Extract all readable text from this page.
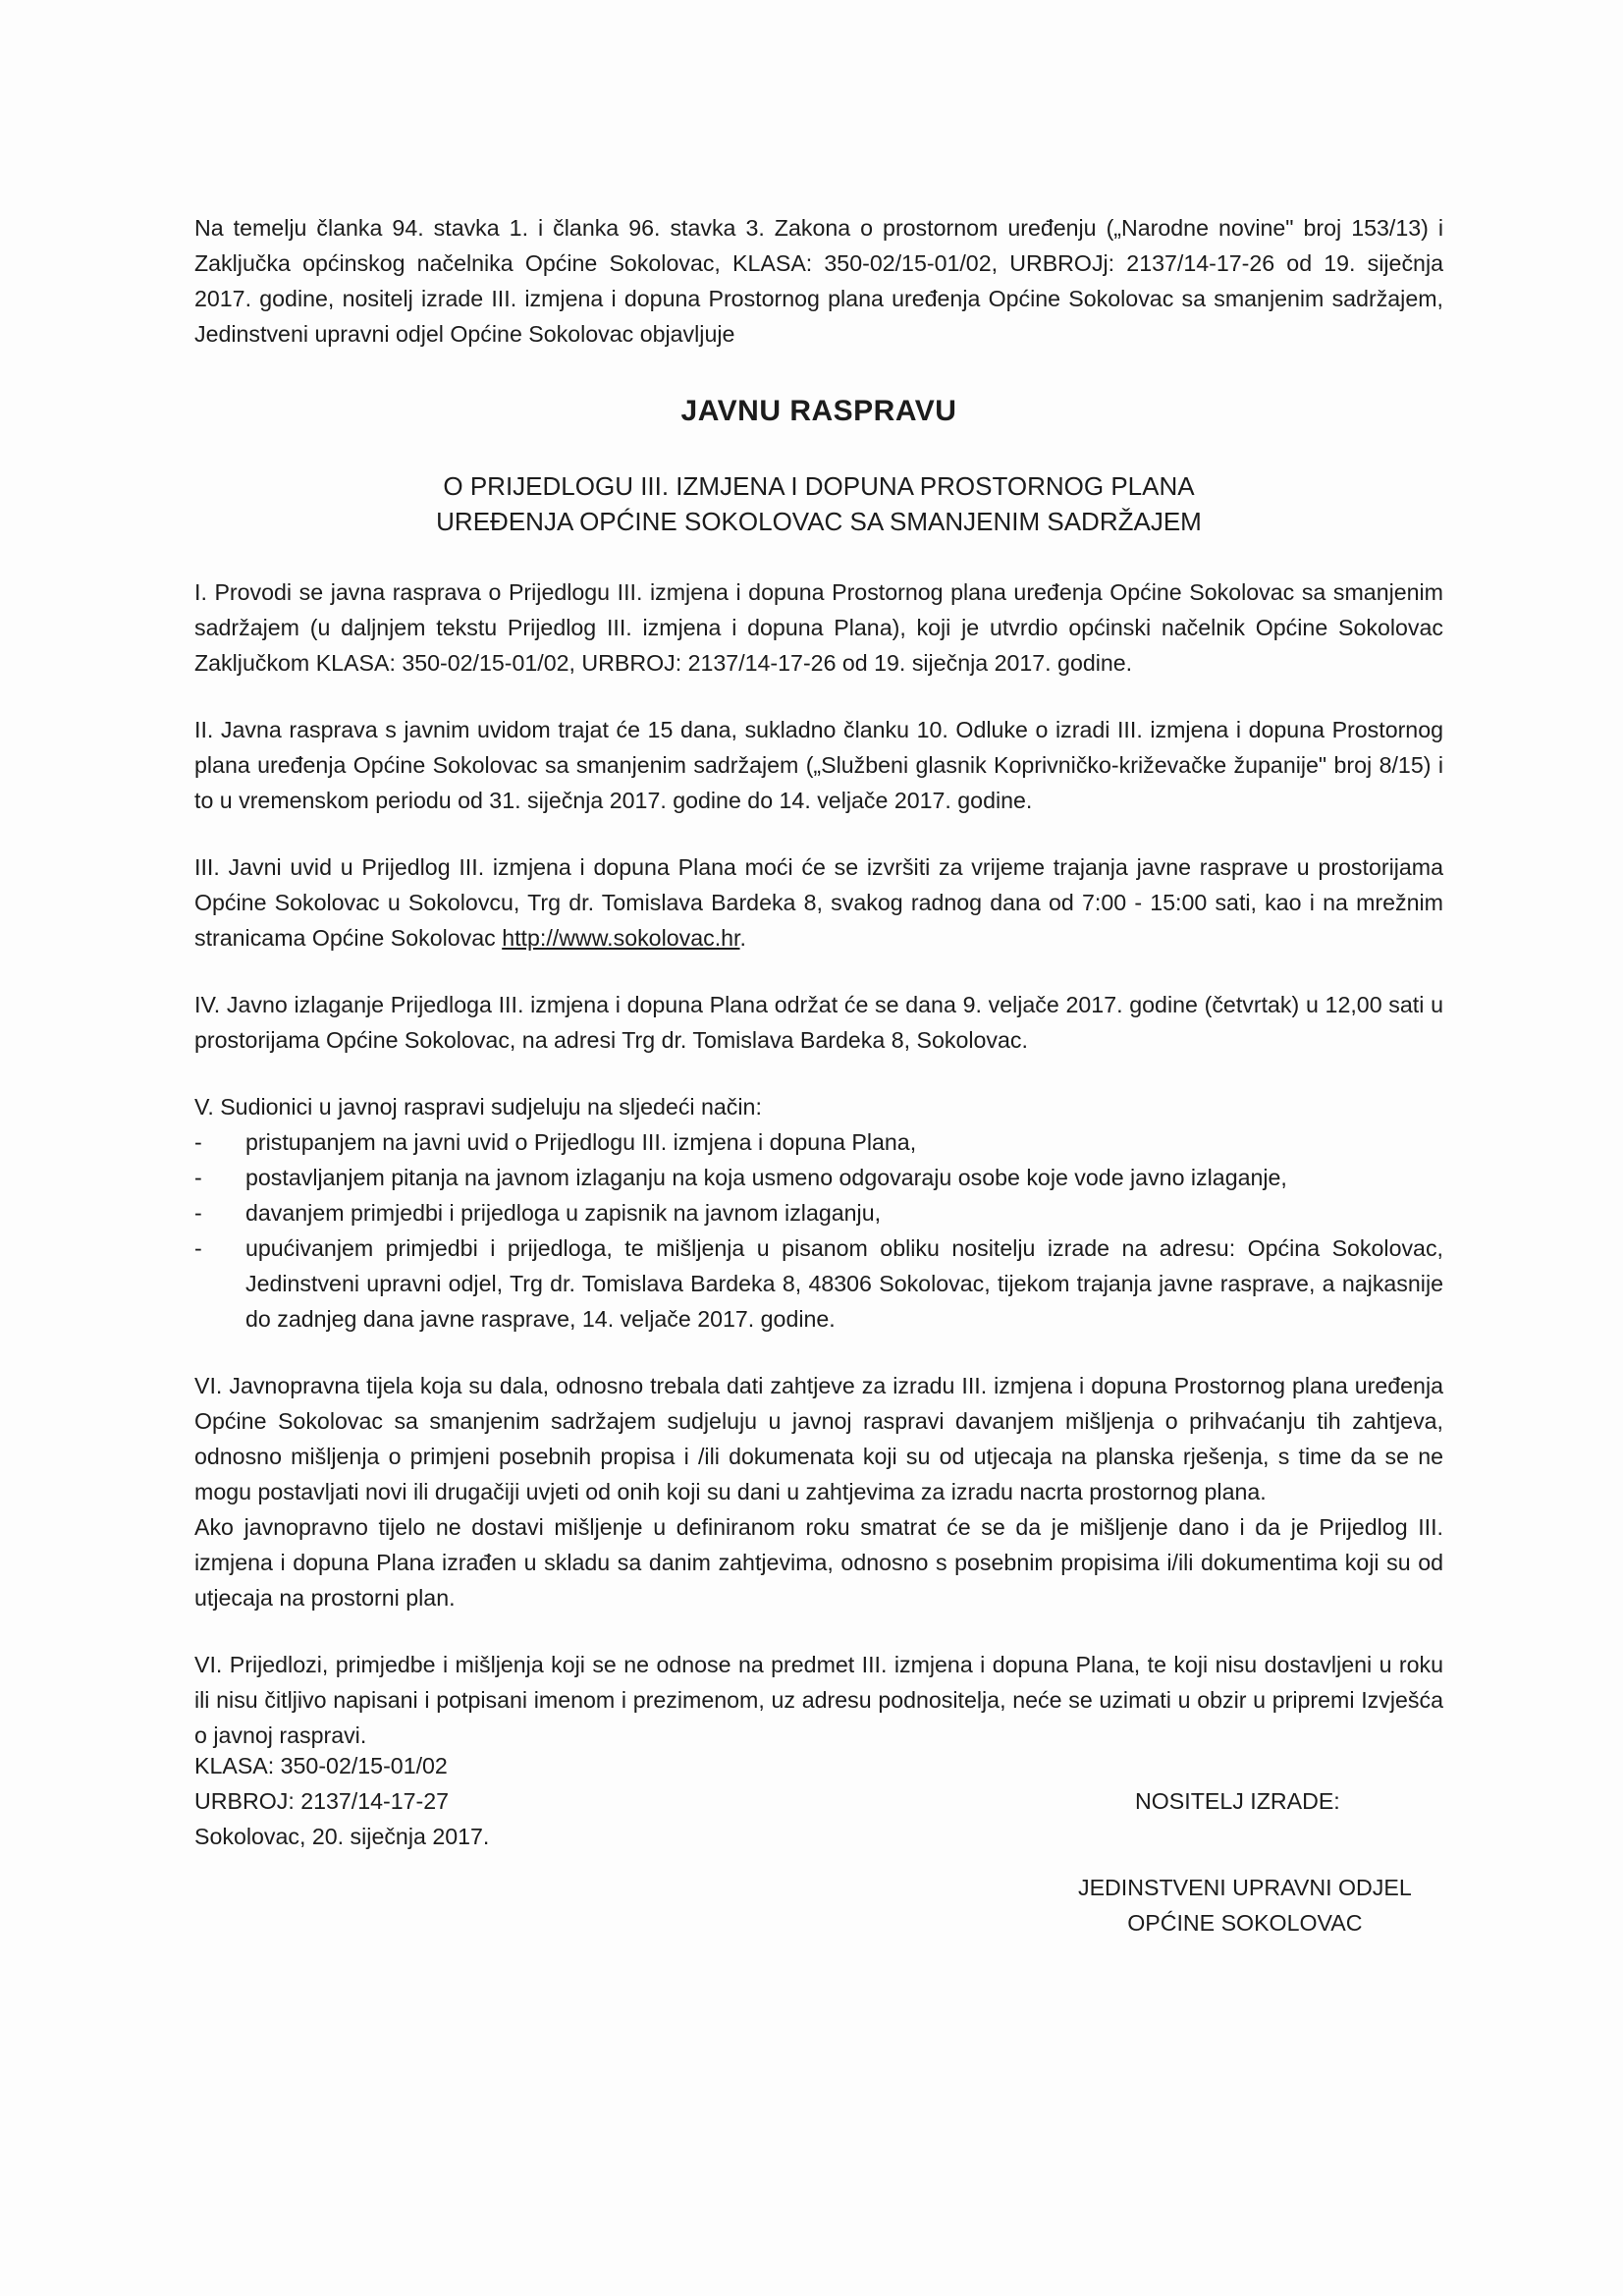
Na temelju članka 94. stavka 1. i članka 96. stavka 3. Zakona o prostornom uređenju („Narodne novine" broj 153/13) i Zaključka općinskog načelnika Općine Sokolovac, KLASA: 350-02/15-01/02, URBROJj: 2137/14-17-26 od 19. siječnja 2017. godine, nositelj izrade III. izmjena i dopuna Prostornog plana uređenja Općine Sokolovac sa smanjenim sadržajem, Jedinstveni upravni odjel Općine Sokolovac objavljuje

JAVNU RASPRAVU
O PRIJEDLOGU III. IZMJENA I DOPUNA PROSTORNOG PLANA
UREĐENJA OPĆINE SOKOLOVAC SA SMANJENIM SADRŽAJEM

I. Provodi se javna rasprava o Prijedlogu III. izmjena i dopuna Prostornog plana uređenja Općine Sokolovac sa smanjenim sadržajem (u daljnjem tekstu Prijedlog III. izmjena i dopuna Plana), koji je utvrdio općinski načelnik Općine Sokolovac Zaključkom KLASA: 350-02/15-01/02, URBROJ: 2137/14-17-26 od 19. siječnja 2017. godine.

II. Javna rasprava s javnim uvidom trajat će 15 dana, sukladno članku 10. Odluke o izradi III. izmjena i dopuna Prostornog plana uređenja Općine Sokolovac sa smanjenim sadržajem („Službeni glasnik Koprivničko-križevačke županije" broj 8/15) i to u vremenskom periodu od 31. siječnja 2017. godine do 14. veljače 2017. godine.

III. Javni uvid u Prijedlog III. izmjena i dopuna Plana moći će se izvršiti za vrijeme trajanja javne rasprave u prostorijama Općine Sokolovac u Sokolovcu, Trg dr. Tomislava Bardeka 8, svakog radnog dana od 7:00 - 15:00 sati, kao i na mrežnim stranicama Općine Sokolovac http://www.sokolovac.hr.

IV. Javno izlaganje Prijedloga III. izmjena i dopuna Plana održat će se dana 9. veljače 2017. godine (četvrtak) u 12,00 sati u prostorijama Općine Sokolovac, na adresi Trg dr. Tomislava Bardeka 8, Sokolovac.

V. Sudionici u javnoj raspravi sudjeluju na sljedeći način:

-	pristupanjem na javni uvid o Prijedlogu III. izmjena i dopuna Plana,
-	postavljanjem pitanja na javnom izlaganju na koja usmeno odgovaraju osobe koje vode javno izlaganje,
-	davanjem primjedbi i prijedloga u zapisnik na javnom izlaganju,
-	upućivanjem primjedbi i prijedloga, te mišljenja u pisanom obliku nositelju izrade na adresu: Općina Sokolovac, Jedinstveni upravni odjel, Trg dr. Tomislava Bardeka 8, 48306 Sokolovac, tijekom trajanja javne rasprave, a najkasnije do zadnjeg dana javne rasprave, 14. veljače 2017. godine.

VI. Javnopravna tijela koja su dala, odnosno trebala dati zahtjeve za izradu III. izmjena i dopuna Prostornog plana uređenja Općine Sokolovac sa smanjenim sadržajem sudjeluju u javnoj raspravi davanjem mišljenja o prihvaćanju tih zahtjeva, odnosno mišljenja o primjeni posebnih propisa i /ili dokumenata koji su od utjecaja na planska rješenja, s time da se ne mogu postavljati novi ili drugačiji uvjeti od onih koji su dani u zahtjevima za izradu nacrta prostornog plana.

Ako javnopravno tijelo ne dostavi mišljenje u definiranom roku smatrat će se da je mišljenje dano i da je Prijedlog III. izmjena i dopuna Plana izrađen u skladu sa danim zahtjevima, odnosno s posebnim propisima i/ili dokumentima koji su od utjecaja na prostorni plan.

VI. Prijedlozi, primjedbe i mišljenja koji se ne odnose na predmet III. izmjena i dopuna Plana, te koji nisu dostavljeni u roku ili nisu čitljivo napisani i potpisani imenom i prezimenom, uz adresu podnositelja, neće se uzimati u obzir u pripremi Izvješća o javnoj raspravi.

KLASA: 350-02/15-01/02
URBROJ: 2137/14-17-27
Sokolovac, 20. siječnja 2017.
NOSITELJ IZRADE:
JEDINSTVENI UPRAVNI ODJEL
OPĆINE SOKOLOVAC
